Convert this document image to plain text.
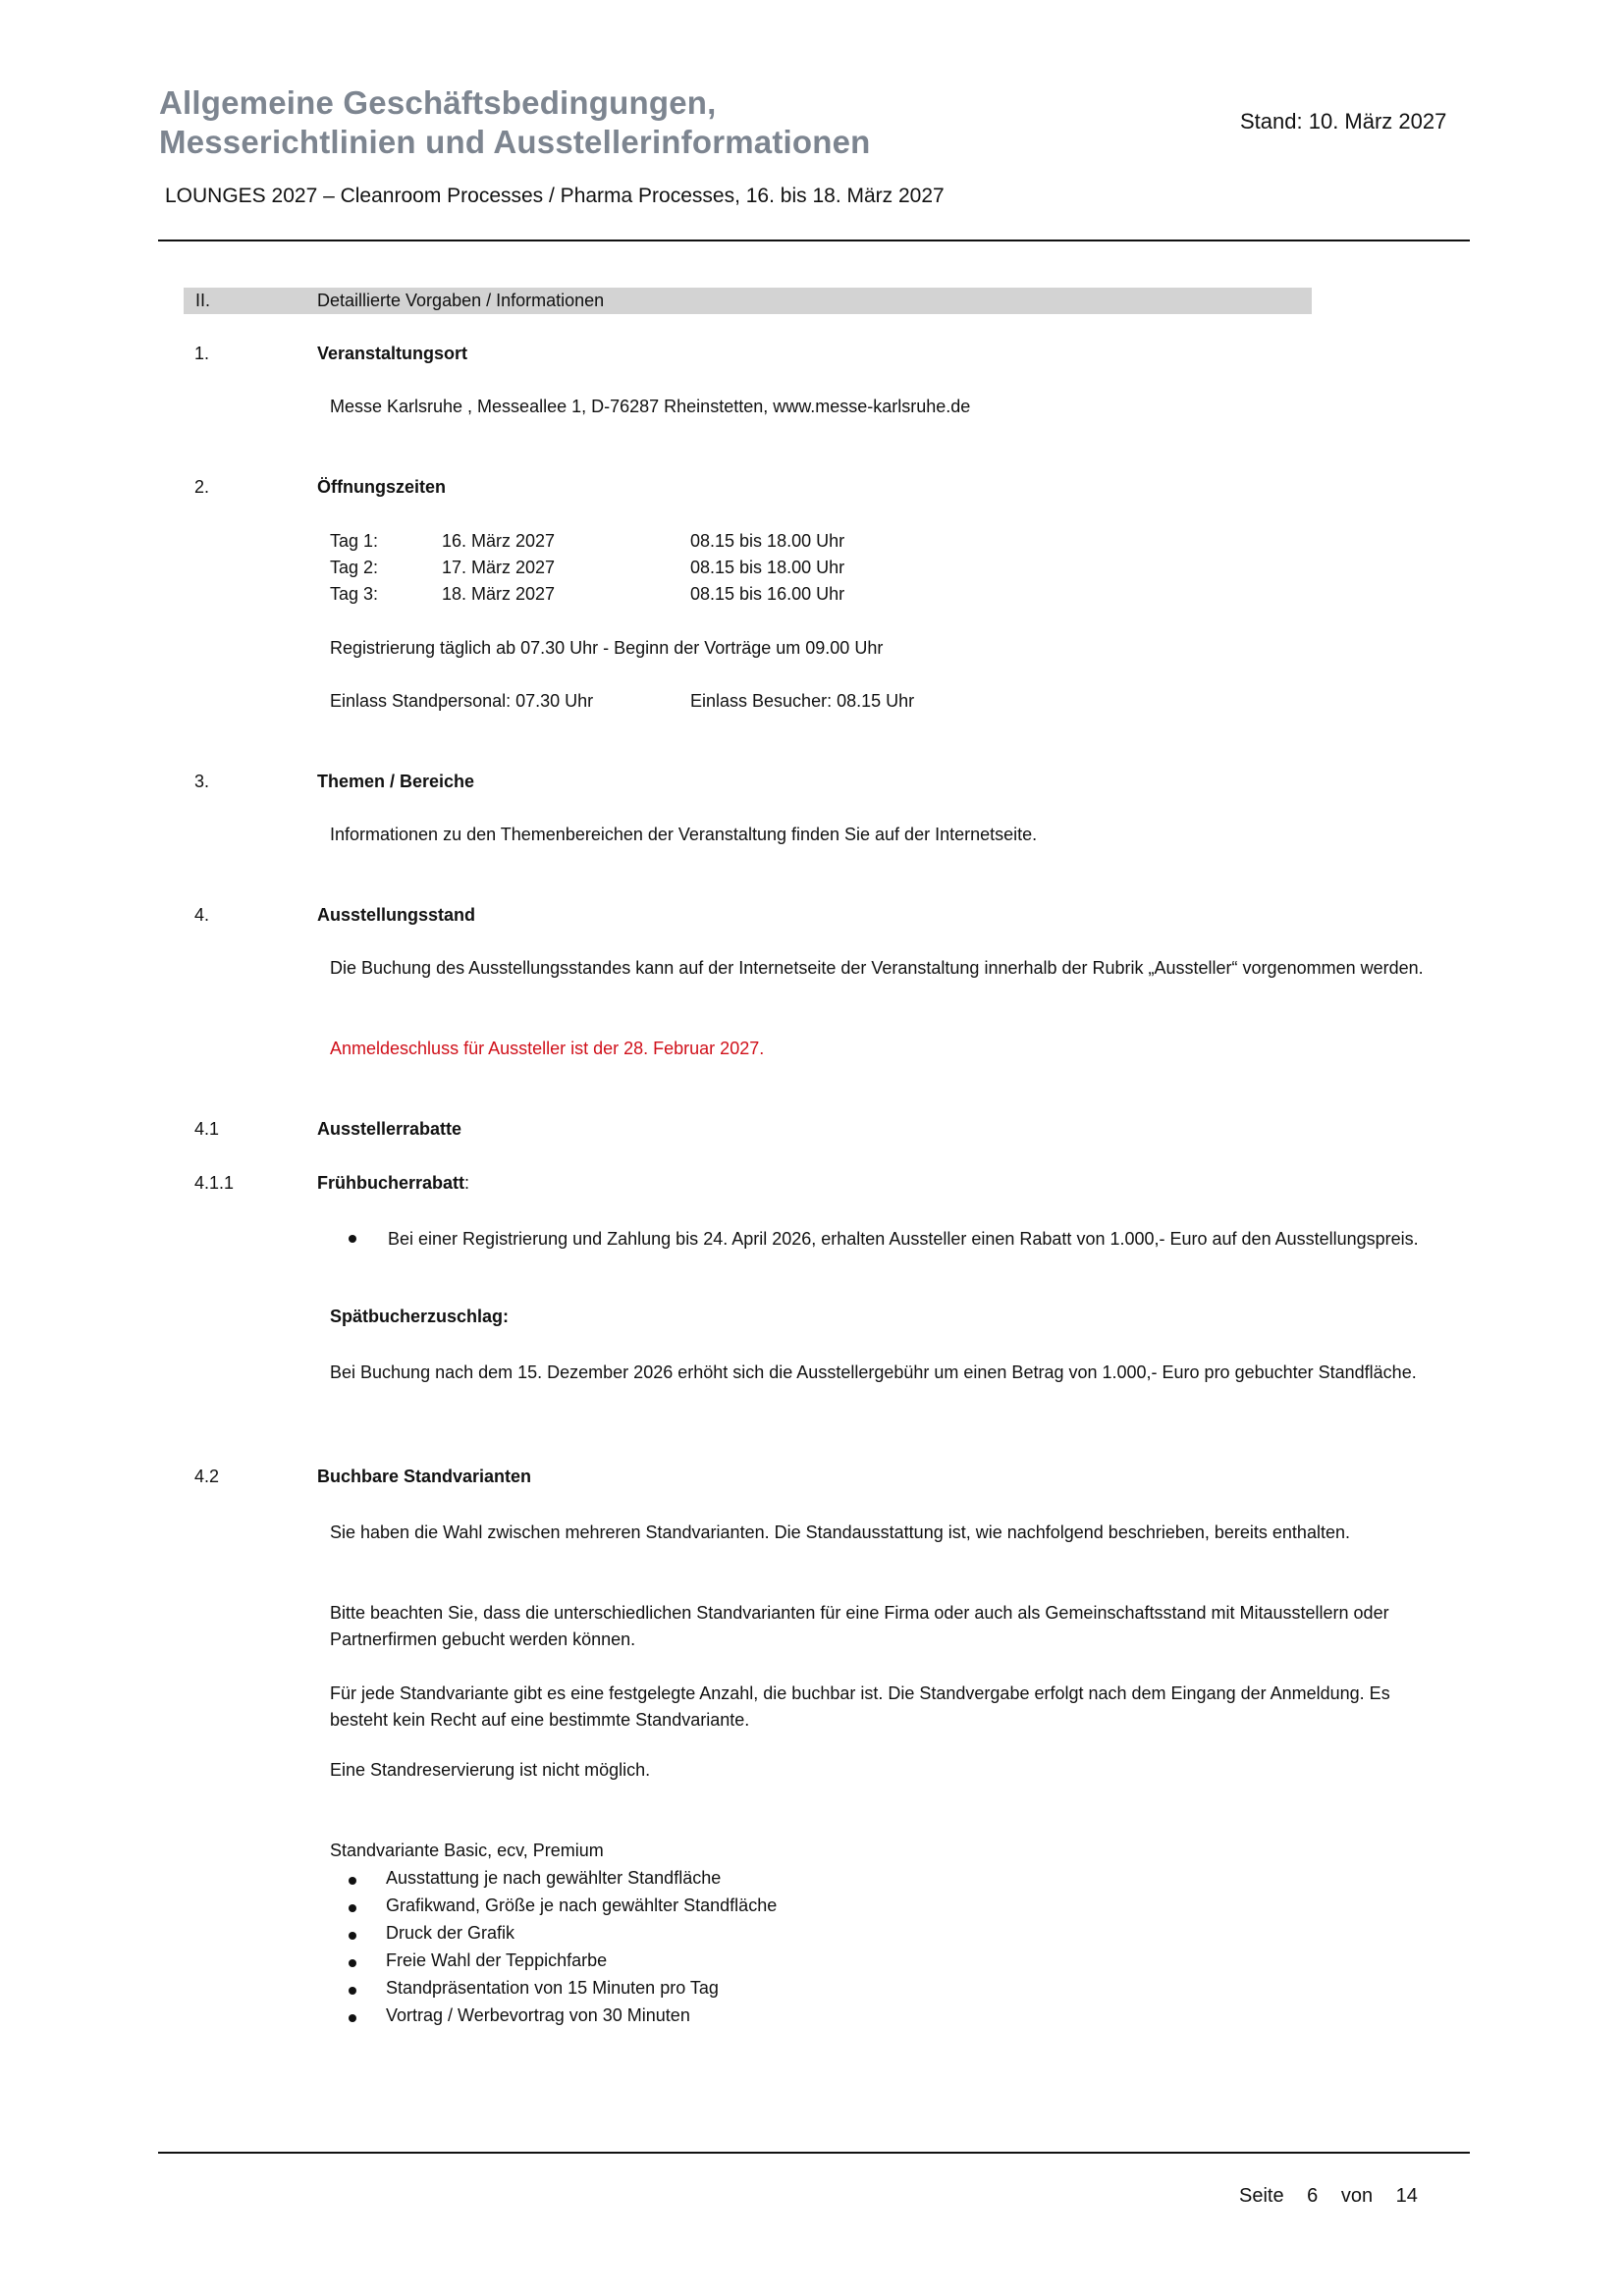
Allgemeine Geschäftsbedingungen,
Messerichtlinien und Ausstellerinformationen
Stand: 10. März 2027
LOUNGES 2027 – Cleanroom Processes / Pharma Processes, 16. bis 18. März 2027
II.	Detaillierte Vorgaben / Informationen
1.	Veranstaltungsort
Messe Karlsruhe , Messeallee 1, D-76287 Rheinstetten, www.messe-karlsruhe.de
2.	Öffnungszeiten
Tag 1:	16. März 2027	08.15 bis 18.00 Uhr
Tag 2:	17. März 2027	08.15 bis 18.00 Uhr
Tag 3:	18. März 2027	08.15 bis 16.00 Uhr
Registrierung täglich ab 07.30 Uhr - Beginn der Vorträge um 09.00 Uhr
Einlass Standpersonal: 07.30 Uhr	Einlass Besucher: 08.15 Uhr
3.	Themen / Bereiche
Informationen zu den Themenbereichen der Veranstaltung finden Sie auf der Internetseite.
4.	Ausstellungsstand
Die Buchung des Ausstellungsstandes kann auf der Internetseite der Veranstaltung innerhalb der Rubrik „Aussteller“ vorgenommen werden.
Anmeldeschluss für Aussteller ist der 28. Februar 2027.
4.1	Ausstellerrabatte
4.1.1	Frühbucherrabatt:
Bei einer Registrierung und Zahlung bis 24. April 2026, erhalten Aussteller einen Rabatt von 1.000,- Euro auf den Ausstellungspreis.
Spätbucherzuschlag:
Bei Buchung nach dem 15. Dezember 2026 erhöht sich die Ausstellergebühr um einen Betrag von 1.000,- Euro pro gebuchter Standfläche.
4.2	Buchbare Standvarianten
Sie haben die Wahl zwischen mehreren Standvarianten. Die Standausstattung ist, wie nachfolgend beschrieben, bereits enthalten.
Bitte beachten Sie, dass die unterschiedlichen Standvarianten für eine Firma oder auch als Gemeinschaftsstand mit Mitausstellern oder Partnerfirmen gebucht werden können.
Für jede Standvariante gibt es eine festgelegte Anzahl, die buchbar ist. Die Standvergabe erfolgt nach dem Eingang der Anmeldung. Es besteht kein Recht auf eine bestimmte Standvariante.
Eine Standreservierung ist nicht möglich.
Standvariante Basic, ecv, Premium
Ausstattung je nach gewählter Standfläche
Grafikwand, Größe je nach gewählter Standfläche
Druck der Grafik
Freie Wahl der Teppichfarbe
Standpräsentation von 15 Minuten pro Tag
Vortrag / Werbevortrag von 30 Minuten
Seite 6 von 14
